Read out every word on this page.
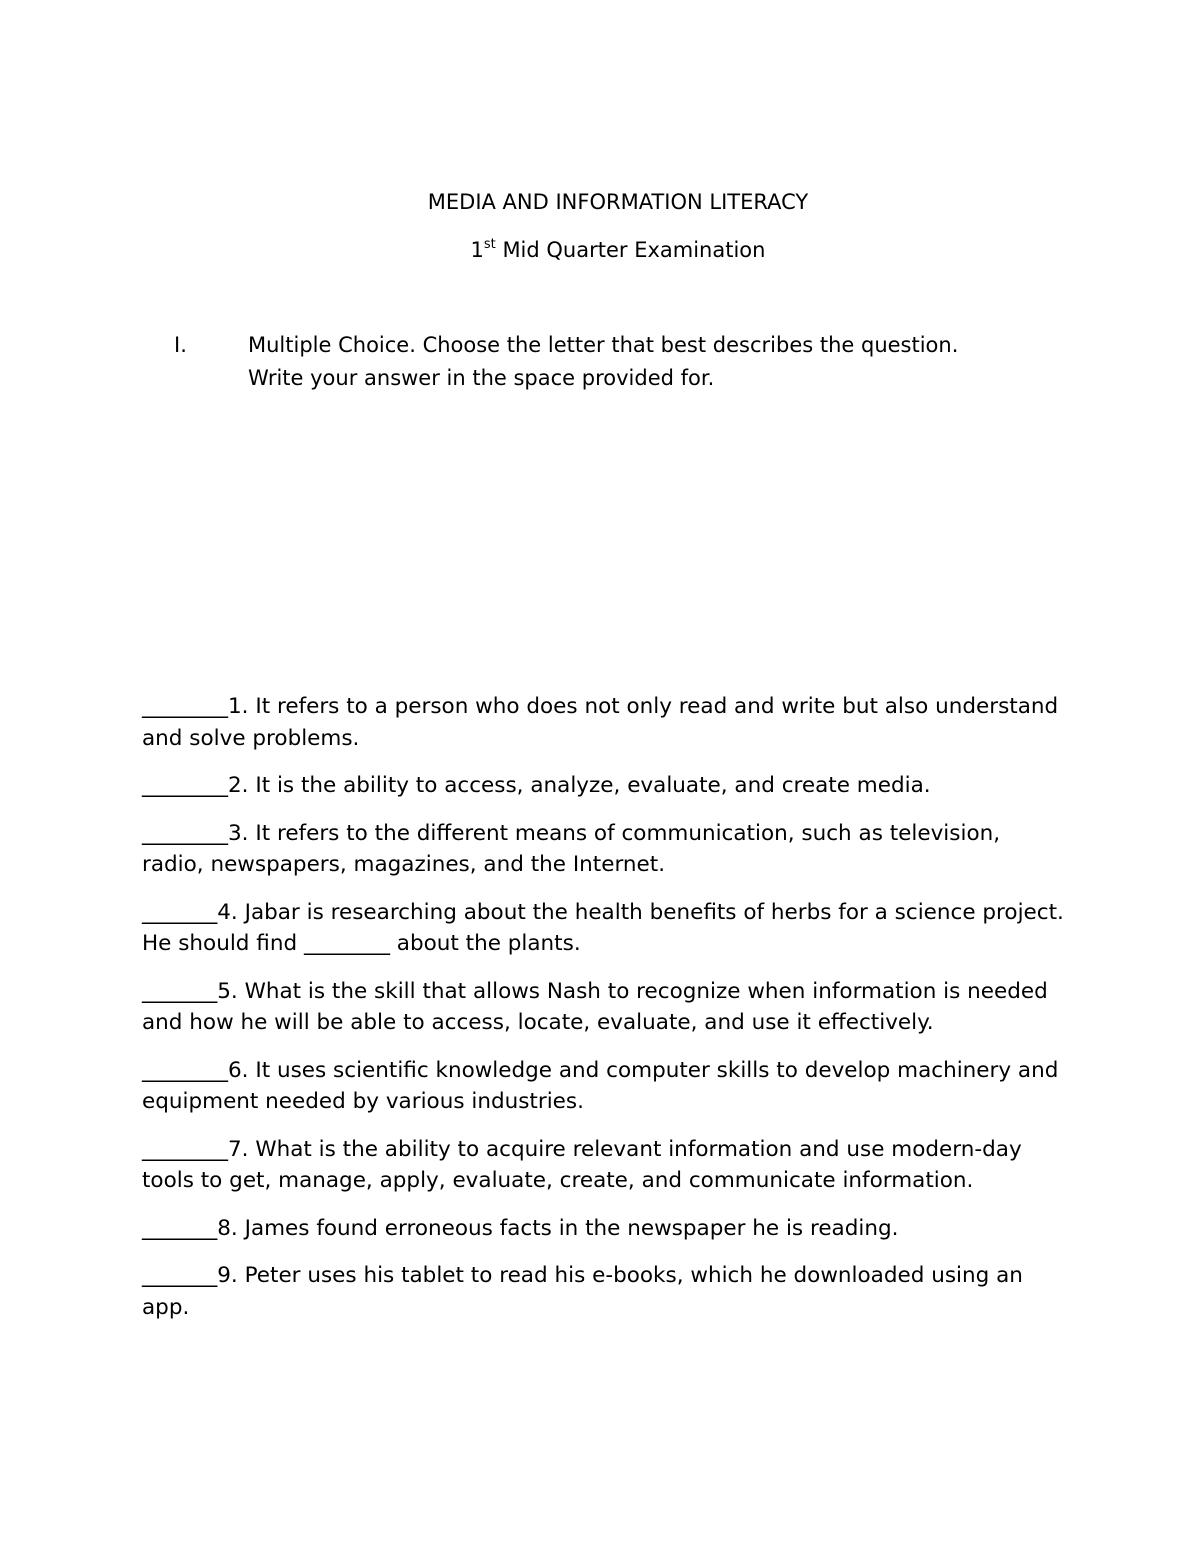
MEDIA AND INFORMATION LITERACY
1st Mid Quarter Examination
I.	Multiple Choice. Choose the letter that best describes the question.
Write your answer in the space provided for.

________1. It refers to a person who does not only read and write but also understand and solve problems.

________2. It is the ability to access, analyze, evaluate, and create media.

________3. It refers to the different means of communication, such as television, radio, newspapers, magazines, and the Internet.

_______4. Jabar is researching about the health benefits of herbs for a science project. He should find ________ about the plants.

_______5. What is the skill that allows Nash to recognize when information is needed and how he will be able to access, locate, evaluate, and use it effectively.

________6. It uses scientific knowledge and computer skills to develop machinery and equipment needed by various industries.

________7. What is the ability to acquire relevant information and use modern-day tools to get, manage, apply, evaluate, create, and communicate information.

_______8. James found erroneous facts in the newspaper he is reading.

_______9. Peter uses his tablet to read his e-books, which he downloaded using an app.
